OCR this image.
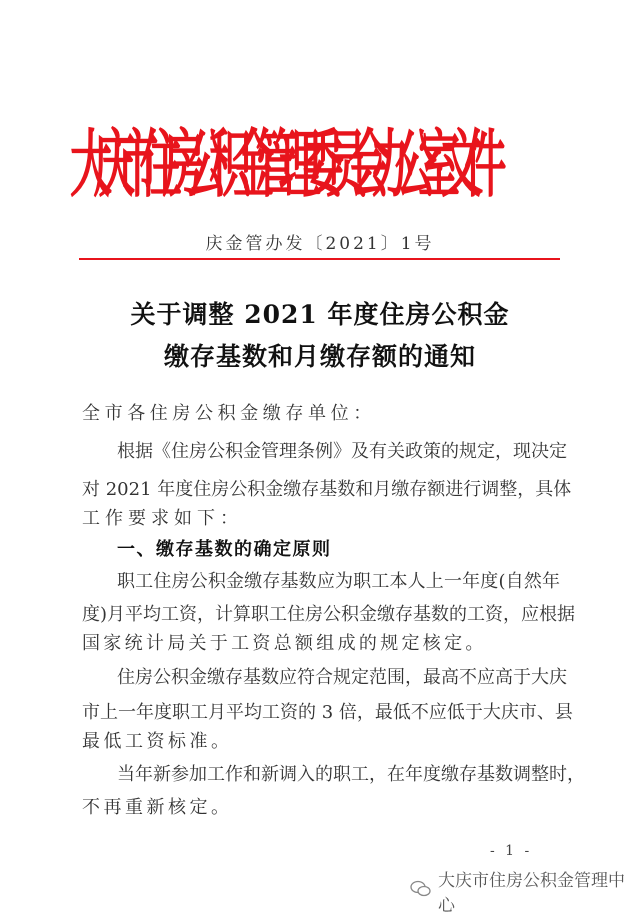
大庆市住房公积金管理委员会办公室文件
庆金管办发〔2021〕1号
关于调整 2021 年度住房公积金
缴存基数和月缴存额的通知
全市各住房公积金缴存单位：
根据《住房公积金管理条例》及有关政策的规定，现决定
对 2021 年度住房公积金缴存基数和月缴存额进行调整，具体
工作要求如下：
一、缴存基数的确定原则
职工住房公积金缴存基数应为职工本人上一年度(自然年
度)月平均工资，计算职工住房公积金缴存基数的工资，应根据
国家统计局关于工资总额组成的规定核定。
住房公积金缴存基数应符合规定范围，最高不应高于大庆
市上一年度职工月平均工资的 3 倍，最低不应低于大庆市、县
最低工资标准。
当年新参加工作和新调入的职工，在年度缴存基数调整时，
不再重新核定。
- 1 -
大庆市住房公积金管理中心
